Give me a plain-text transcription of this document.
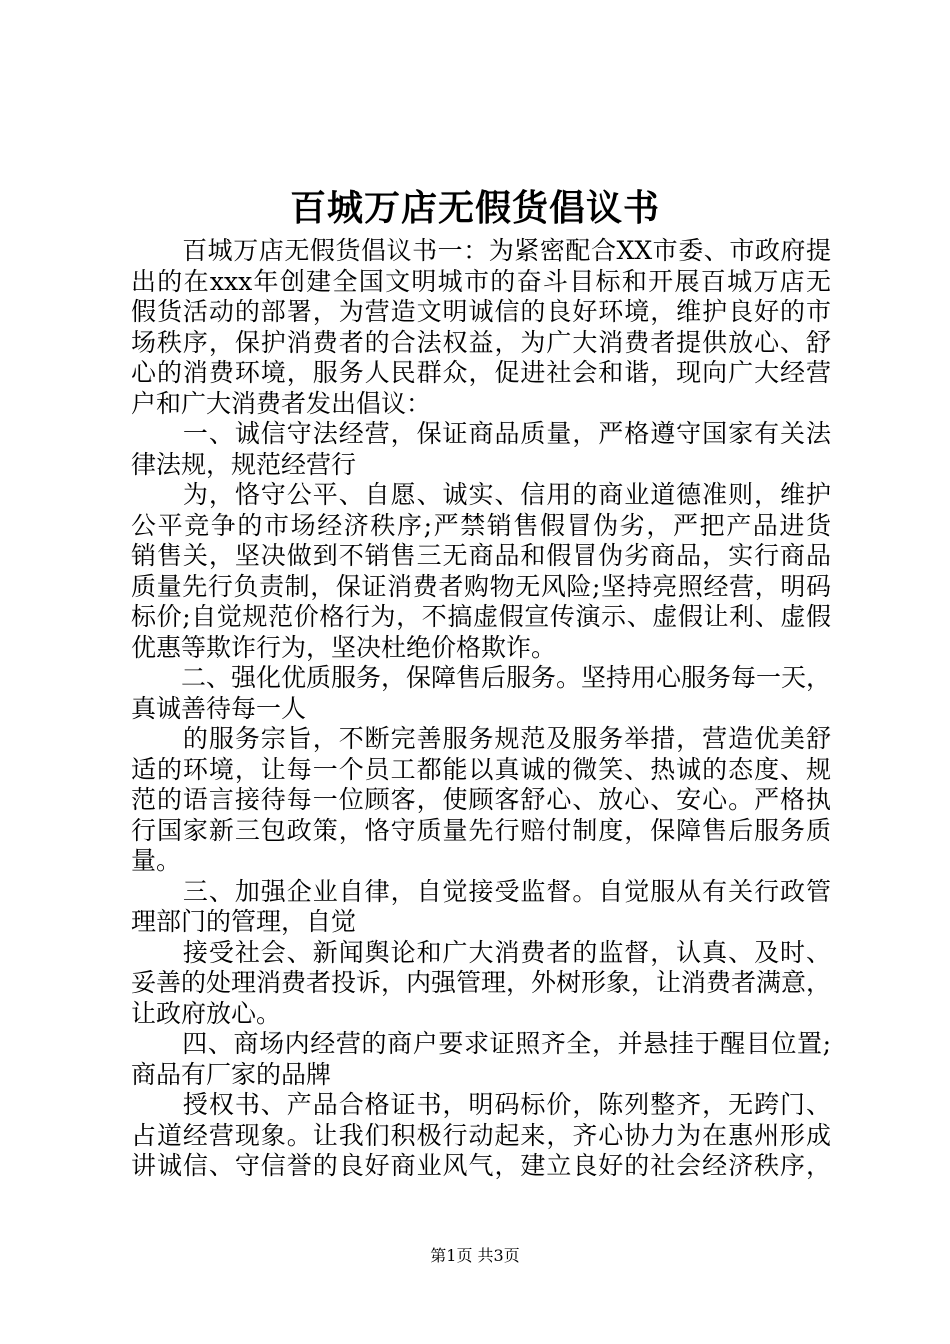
百城万店无假货倡议书
　　百城万店无假货倡议书一：为紧密配合XX市委、市政府提
出的在xxx年创建全国文明城市的奋斗目标和开展百城万店无
假货活动的部署，为营造文明诚信的良好环境，维护良好的市
场秩序，保护消费者的合法权益，为广大消费者提供放心、舒
心的消费环境，服务人民群众，促进社会和谐，现向广大经营
户和广大消费者发出倡议：
　　一、诚信守法经营，保证商品质量，严格遵守国家有关法
律法规，规范经营行
　　为，恪守公平、自愿、诚实、信用的商业道德准则，维护
公平竞争的市场经济秩序;严禁销售假冒伪劣，严把产品进货
销售关，坚决做到不销售三无商品和假冒伪劣商品，实行商品
质量先行负责制，保证消费者购物无风险;坚持亮照经营，明码
标价;自觉规范价格行为，不搞虚假宣传演示、虚假让利、虚假
优惠等欺诈行为，坚决杜绝价格欺诈。
　　二、强化优质服务，保障售后服务。坚持用心服务每一天，
真诚善待每一人
　　的服务宗旨，不断完善服务规范及服务举措，营造优美舒
适的环境，让每一个员工都能以真诚的微笑、热诚的态度、规
范的语言接待每一位顾客，使顾客舒心、放心、安心。严格执
行国家新三包政策，恪守质量先行赔付制度，保障售后服务质
量。
　　三、加强企业自律，自觉接受监督。自觉服从有关行政管
理部门的管理，自觉
　　接受社会、新闻舆论和广大消费者的监督，认真、及时、
妥善的处理消费者投诉，内强管理，外树形象，让消费者满意，
让政府放心。
　　四、商场内经营的商户要求证照齐全，并悬挂于醒目位置;
商品有厂家的品牌
　　授权书、产品合格证书，明码标价，陈列整齐，无跨门、
占道经营现象。让我们积极行动起来，齐心协力为在惠州形成
讲诚信、守信誉的良好商业风气，建立良好的社会经济秩序，
第1页 共3页
